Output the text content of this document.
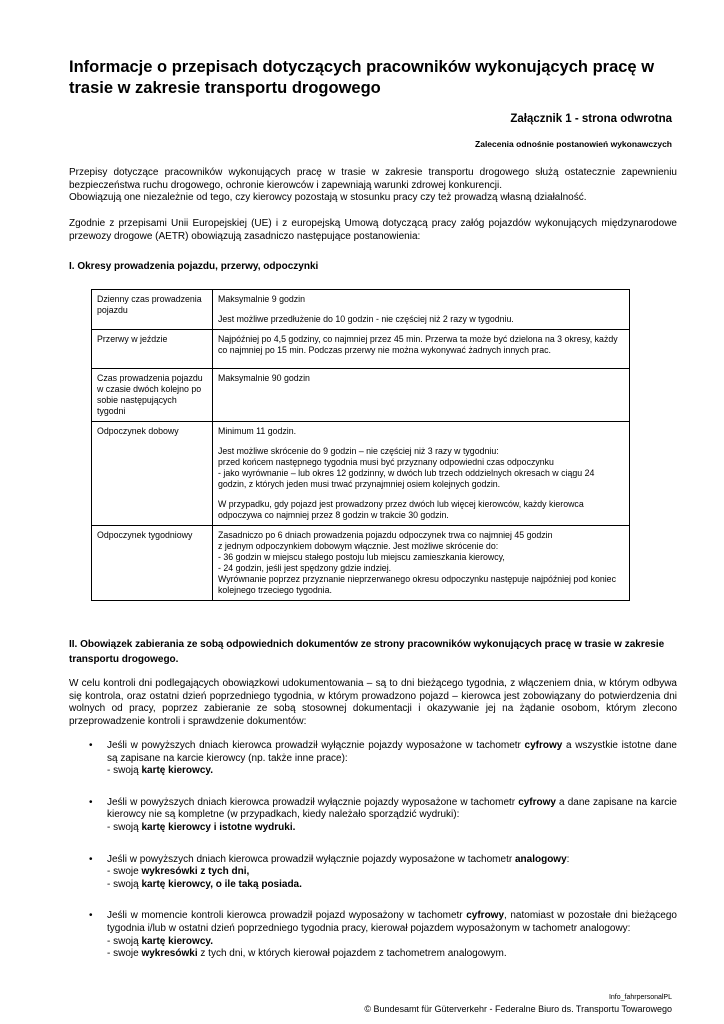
Informacje o przepisach dotyczących pracowników wykonujących pracę w trasie w zakresie transportu drogowego

Załącznik 1 - strona odwrotna

Zalecenia odnośnie postanowień wykonawczych

Przepisy dotyczące pracowników wykonujących pracę w trasie w zakresie transportu drogowego służą ostatecznie zapewnieniu bezpieczeństwa ruchu drogowego, ochronie kierowców i zapewniają warunki zdrowej konkurencji.
Obowiązują one niezależnie od tego, czy kierowcy pozostają w stosunku pracy czy też prowadzą własną działalność.

Zgodnie z przepisami Unii Europejskiej (UE) i z europejską Umową dotyczącą pracy załóg pojazdów wykonujących międzynarodowe przewozy drogowe (AETR) obowiązują zasadniczo następujące postanowienia:

I. Okresy prowadzenia pojazdu, przerwy, odpoczynki

Dzienny czas prowadzenia pojazdu	Maksymalnie 9 godzin

Jest możliwe przedłużenie do 10 godzin - nie częściej niż 2 razy w tygodniu.

Przerwy w jeździe	Najpóźniej po 4,5 godziny, co najmniej przez 45 min. Przerwa ta może być dzielona na 3 okresy, każdy co najmniej po 15 min. Podczas przerwy nie można wykonywać żadnych innych prac.

Czas prowadzenia pojazdu w czasie dwóch kolejno po sobie następujących tygodni	Maksymalnie 90 godzin

Odpoczynek dobowy	Minimum 11 godzin.

Jest możliwe skrócenie do 9 godzin – nie częściej niż 3 razy w tygodniu:

przed końcem następnego tygodnia musi być przyznany odpowiedni czas odpoczynku

- jako wyrównanie – lub okres 12 godzinny, w dwóch lub trzech oddzielnych okresach w ciągu 24 godzin, z których jeden musi trwać przynajmniej osiem kolejnych godzin.

W przypadku, gdy pojazd jest prowadzony przez dwóch lub więcej kierowców, każdy kierowca odpoczywa co najmniej przez 8 godzin w trakcie 30 godzin.

Odpoczynek tygodniowy	Zasadniczo po 6 dniach prowadzenia pojazdu odpoczynek trwa co najmniej 45 godzin

z jednym odpoczynkiem dobowym włącznie. Jest możliwe skrócenie do:

- 36 godzin w miejscu stałego postoju lub miejscu zamieszkania kierowcy,

- 24 godzin, jeśli jest spędzony gdzie indziej.

Wyrównanie poprzez przyznanie nieprzerwanego okresu odpoczynku następuje najpóźniej pod koniec kolejnego trzeciego tygodnia.

II. Obowiązek zabierania ze sobą odpowiednich dokumentów ze strony pracowników wykonujących pracę w trasie w zakresie transportu drogowego.

W celu kontroli dni podlegających obowiązkowi udokumentowania – są to dni bieżącego tygodnia, z włączeniem dnia, w którym odbywa się kontrola, oraz ostatni dzień poprzedniego tygodnia, w którym prowadzono pojazd – kierowca jest zobowiązany do potwierdzenia dni wolnych od pracy, poprzez zabieranie ze sobą stosownej dokumentacji i okazywanie jej na żądanie osobom, którym zlecono przeprowadzenie kontroli i sprawdzenie dokumentów:

• Jeśli w powyższych dniach kierowca prowadził wyłącznie pojazdy wyposażone w tachometr cyfrowy a wszystkie istotne dane są zapisane na karcie kierowcy (np. także inne prace):

- swoją kartę kierowcy.

• Jeśli w powyższych dniach kierowca prowadził wyłącznie pojazdy wyposażone w tachometr cyfrowy a dane zapisane na karcie kierowcy nie są kompletne (w przypadkach, kiedy należało sporządzić wydruki):

- swoją kartę kierowcy i istotne wydruki.

• Jeśli w powyższych dniach kierowca prowadził wyłącznie pojazdy wyposażone w tachometr analogowy:

- swoje wykresówki z tych dni,

- swoją kartę kierowcy, o ile taką posiada.

• Jeśli w momencie kontroli kierowca prowadził pojazd wyposażony w tachometr cyfrowy, natomiast w pozostałe dni bieżącego tygodnia i/lub w ostatni dzień poprzedniego tygodnia pracy, kierował pojazdem wyposażonym w tachometr analogowy:

- swoją kartę kierowcy.

- swoje wykresówki z tych dni, w których kierował pojazdem z tachometrem analogowym.

Info_fahrpersonalPL

© Bundesamt für Güterverkehr - Federalne Biuro ds. Transportu Towarowego
